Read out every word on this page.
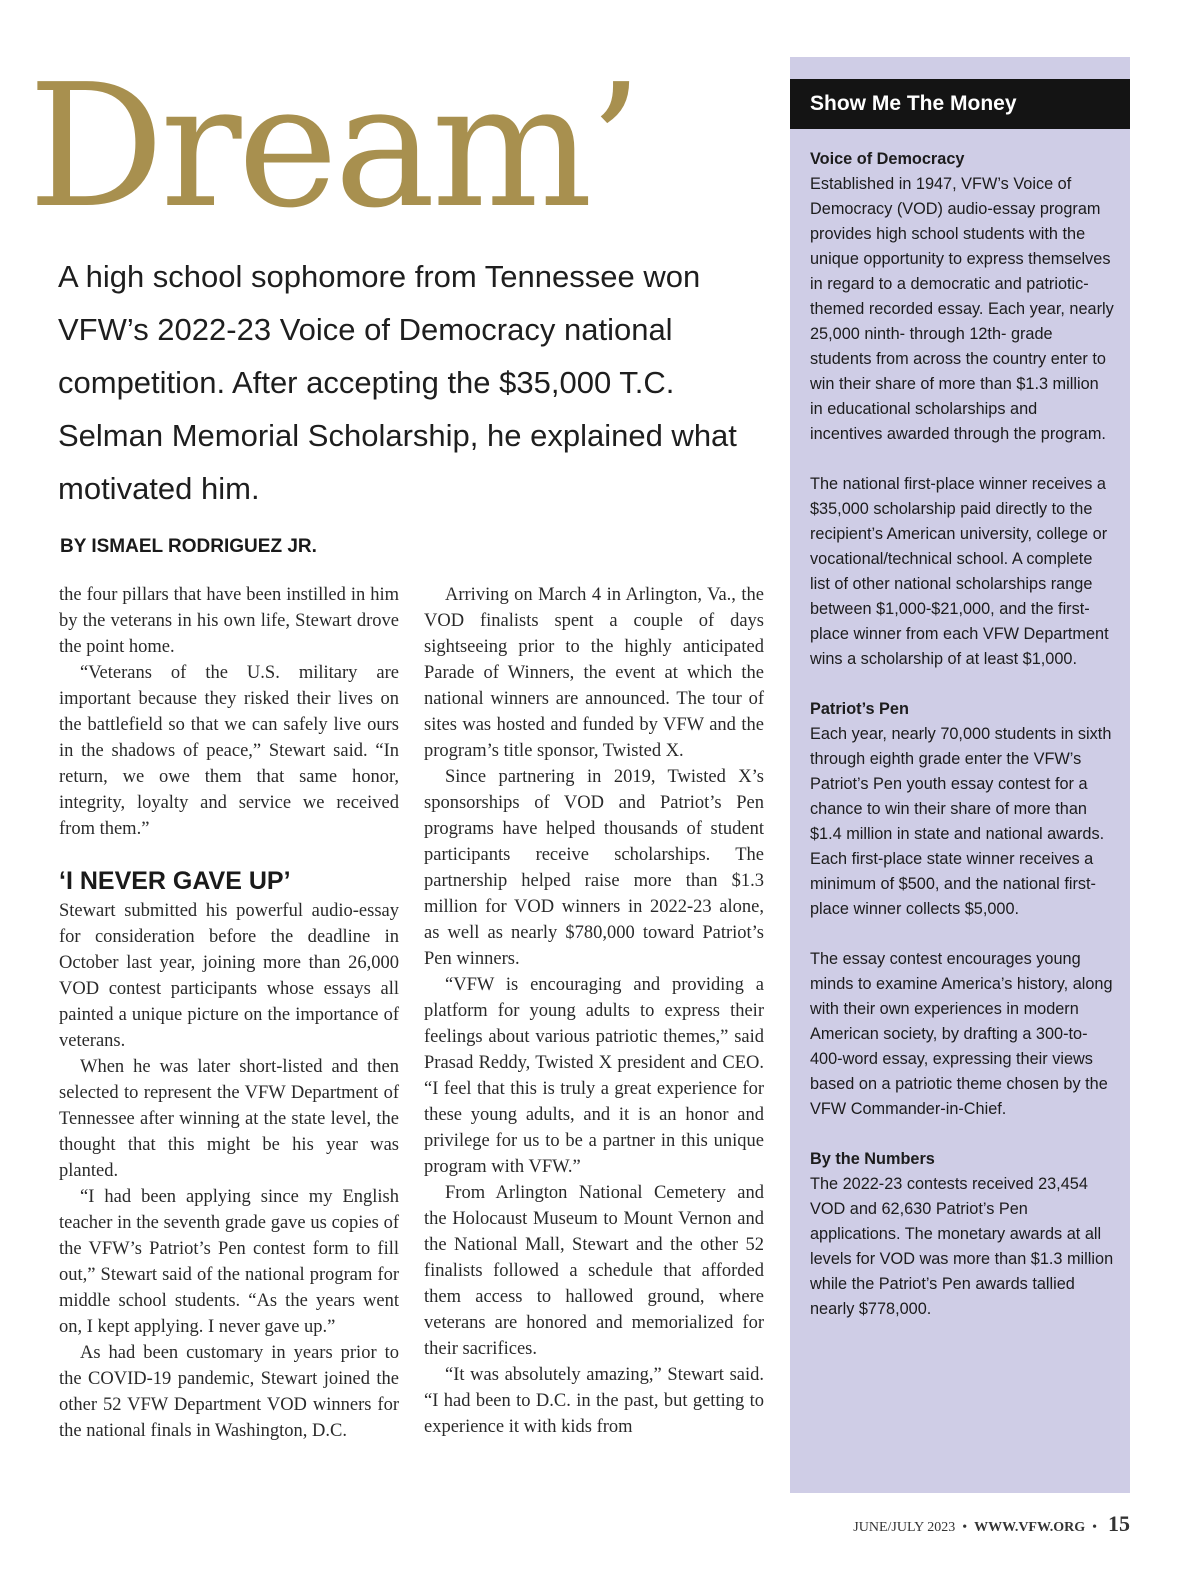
Dream’

A high school sophomore from Tennessee won VFW’s 2022-23 Voice of Democracy national competition. After accepting the $35,000 T.C. Selman Memorial Scholarship, he explained what motivated him.

BY ISMAEL RODRIGUEZ JR.

the four pillars that have been instilled in him by the veterans in his own life, Stewart drove the point home.

“Veterans of the U.S. military are important because they risked their lives on the battlefield so that we can safely live ours in the shadows of peace,” Stewart said. “In return, we owe them that same honor, integrity, loyalty and service we received from them.”

‘I NEVER GAVE UP’

Stewart submitted his powerful audio-essay for consideration before the deadline in October last year, joining more than 26,000 VOD contest participants whose essays all painted a unique picture on the importance of veterans.

When he was later short-listed and then selected to represent the VFW Department of Tennessee after winning at the state level, the thought that this might be his year was planted.

“I had been applying since my English teacher in the seventh grade gave us copies of the VFW’s Patriot’s Pen contest form to fill out,” Stewart said of the national program for middle school students. “As the years went on, I kept applying. I never gave up.”

As had been customary in years prior to the COVID-19 pandemic, Stewart joined the other 52 VFW Department VOD winners for the national finals in Washington, D.C.

Arriving on March 4 in Arlington, Va., the VOD finalists spent a couple of days sightseeing prior to the highly anticipated Parade of Winners, the event at which the national winners are announced. The tour of sites was hosted and funded by VFW and the program’s title sponsor, Twisted X.

Since partnering in 2019, Twisted X’s sponsorships of VOD and Patriot’s Pen programs have helped thousands of student participants receive scholarships. The partnership helped raise more than $1.3 million for VOD winners in 2022-23 alone, as well as nearly $780,000 toward Patriot’s Pen winners.

“VFW is encouraging and providing a platform for young adults to express their feelings about various patriotic themes,” said Prasad Reddy, Twisted X president and CEO. “I feel that this is truly a great experience for these young adults, and it is an honor and privilege for us to be a partner in this unique program with VFW.”

From Arlington National Cemetery and the Holocaust Museum to Mount Vernon and the National Mall, Stewart and the other 52 finalists followed a schedule that afforded them access to hallowed ground, where veterans are honored and memorialized for their sacrifices.

“It was absolutely amazing,” Stewart said. “I had been to D.C. in the past, but getting to experience it with kids from

Show Me The Money
Voice of Democracy

Established in 1947, VFW’s Voice of Democracy (VOD) audio-essay program provides high school students with the unique opportunity to express themselves in regard to a democratic and patriotic-themed recorded essay. Each year, nearly 25,000 ninth- through 12th- grade students from across the country enter to win their share of more than $1.3 million in educational scholarships and incentives awarded through the program.

The national first-place winner receives a $35,000 scholarship paid directly to the recipient’s American university, college or vocational/technical school. A complete list of other national scholarships range between $1,000-$21,000, and the first-place winner from each VFW Department wins a scholarship of at least $1,000.

Patriot’s Pen

Each year, nearly 70,000 students in sixth through eighth grade enter the VFW’s Patriot’s Pen youth essay contest for a chance to win their share of more than $1.4 million in state and national awards. Each first-place state winner receives a minimum of $500, and the national first-place winner collects $5,000.

The essay contest encourages young minds to examine America’s history, along with their own experiences in modern American society, by drafting a 300-to-400-word essay, expressing their views based on a patriotic theme chosen by the VFW Commander-in-Chief.

By the Numbers

The 2022-23 contests received 23,454 VOD and 62,630 Patriot’s Pen applications. The monetary awards at all levels for VOD was more than $1.3 million while the Patriot’s Pen awards tallied nearly $778,000.

JUNE/JULY 2023 • WWW.VFW.ORG • 15
